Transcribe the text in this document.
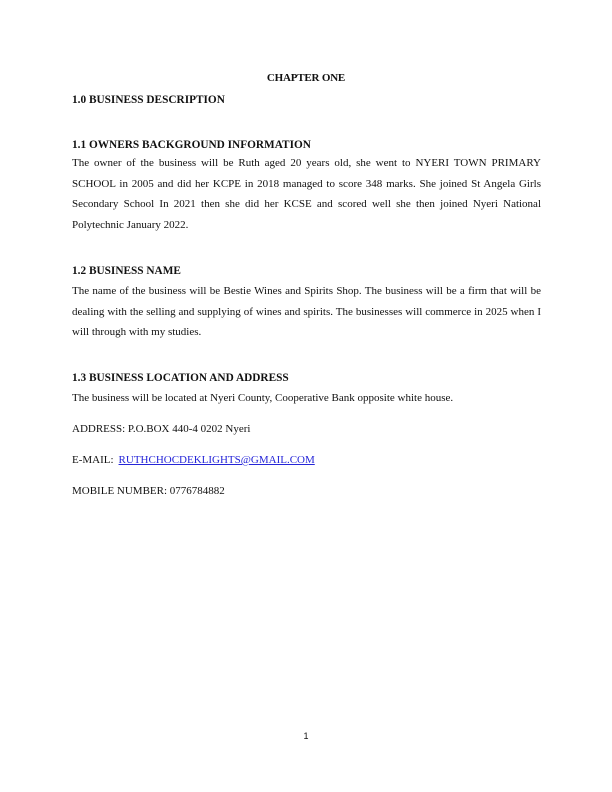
CHAPTER ONE
1.0 BUSINESS DESCRIPTION
1.1 OWNERS BACKGROUND INFORMATION
The owner of the business will be Ruth aged 20 years old, she went to NYERI TOWN PRIMARY SCHOOL in 2005 and did her KCPE in 2018 managed to score 348 marks. She joined St Angela Girls Secondary School In 2021 then she did her KCSE and scored well she then joined Nyeri National Polytechnic January 2022.
1.2 BUSINESS NAME
The name of the business will be Bestie Wines and Spirits Shop. The business will be a firm that will be dealing with the selling and supplying of wines and spirits. The businesses will commerce in 2025 when I will through with my studies.
1.3 BUSINESS LOCATION AND ADDRESS
The business will be located at Nyeri County, Cooperative Bank opposite white house.
ADDRESS: P.O.BOX 440-4 0202 Nyeri
E-MAIL: RUTHCHOCDEKLIGHTS@GMAIL.COM
MOBILE NUMBER: 0776784882
1
